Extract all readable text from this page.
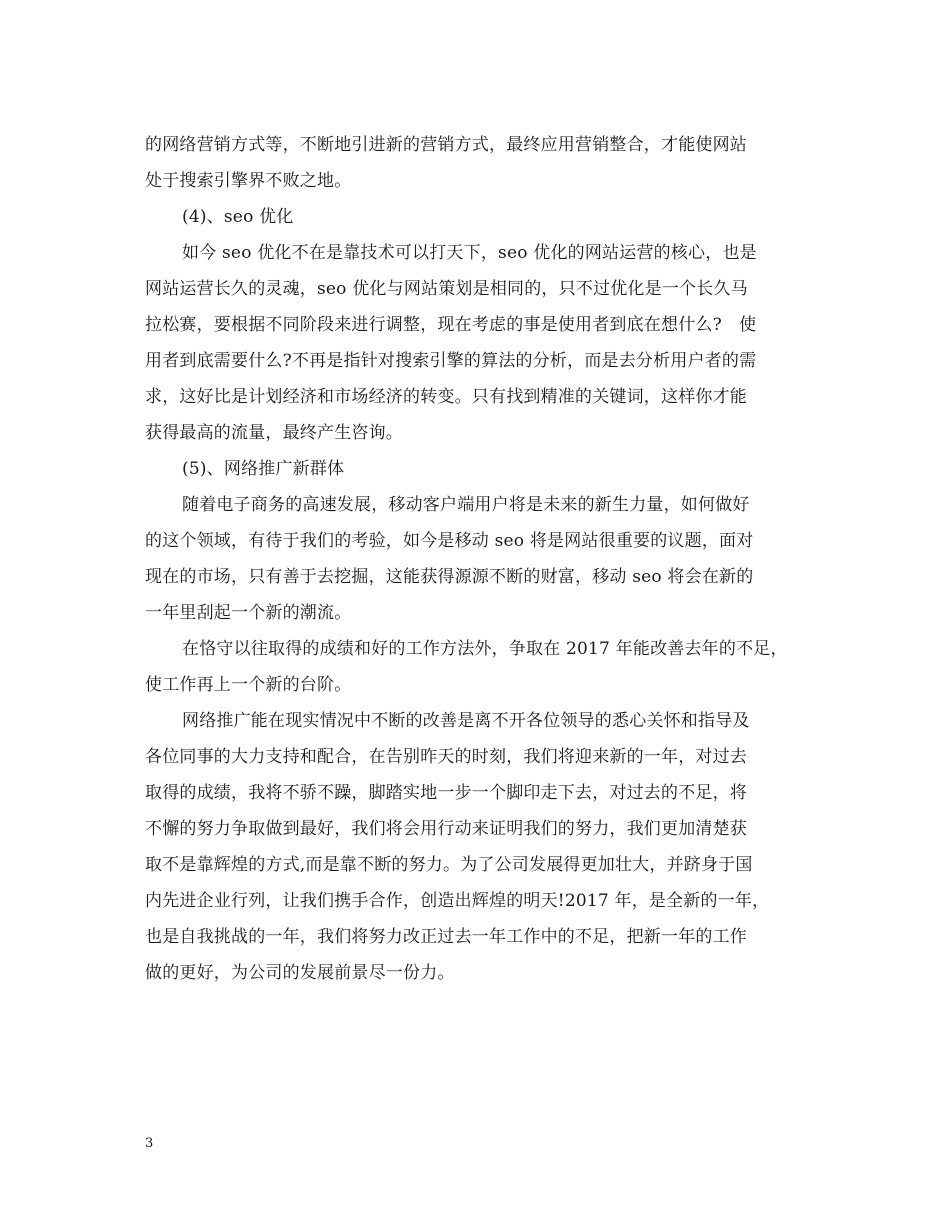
的网络营销方式等，不断地引进新的营销方式，最终应用营销整合，才能使网站
处于搜索引擎界不败之地。
(4)、seo 优化
如今 seo 优化不在是靠技术可以打天下，seo 优化的网站运营的核心，也是
网站运营长久的灵魂，seo 优化与网站策划是相同的，只不过优化是一个长久马
拉松赛，要根据不同阶段来进行调整，现在考虑的事是使用者到底在想什么?　使
用者到底需要什么?不再是指针对搜索引擎的算法的分析，而是去分析用户者的需
求，这好比是计划经济和市场经济的转变。只有找到精准的关键词，这样你才能
获得最高的流量，最终产生咨询。
(5)、网络推广新群体
随着电子商务的高速发展，移动客户端用户将是未来的新生力量，如何做好
的这个领域，有待于我们的考验，如今是移动 seo 将是网站很重要的议题，面对
现在的市场，只有善于去挖掘，这能获得源源不断的财富，移动 seo 将会在新的
一年里刮起一个新的潮流。
在恪守以往取得的成绩和好的工作方法外，争取在 2017 年能改善去年的不足，
使工作再上一个新的台阶。
网络推广能在现实情况中不断的改善是离不开各位领导的悉心关怀和指导及
各位同事的大力支持和配合，在告别昨天的时刻，我们将迎来新的一年，对过去
取得的成绩，我将不骄不躁，脚踏实地一步一个脚印走下去，对过去的不足，将
不懈的努力争取做到最好，我们将会用行动来证明我们的努力，我们更加清楚获
取不是靠辉煌的方式,而是靠不断的努力。为了公司发展得更加壮大，并跻身于国
内先进企业行列，让我们携手合作，创造出辉煌的明天!2017 年，是全新的一年，
也是自我挑战的一年，我们将努力改正过去一年工作中的不足，把新一年的工作
做的更好，为公司的发展前景尽一份力。
3
